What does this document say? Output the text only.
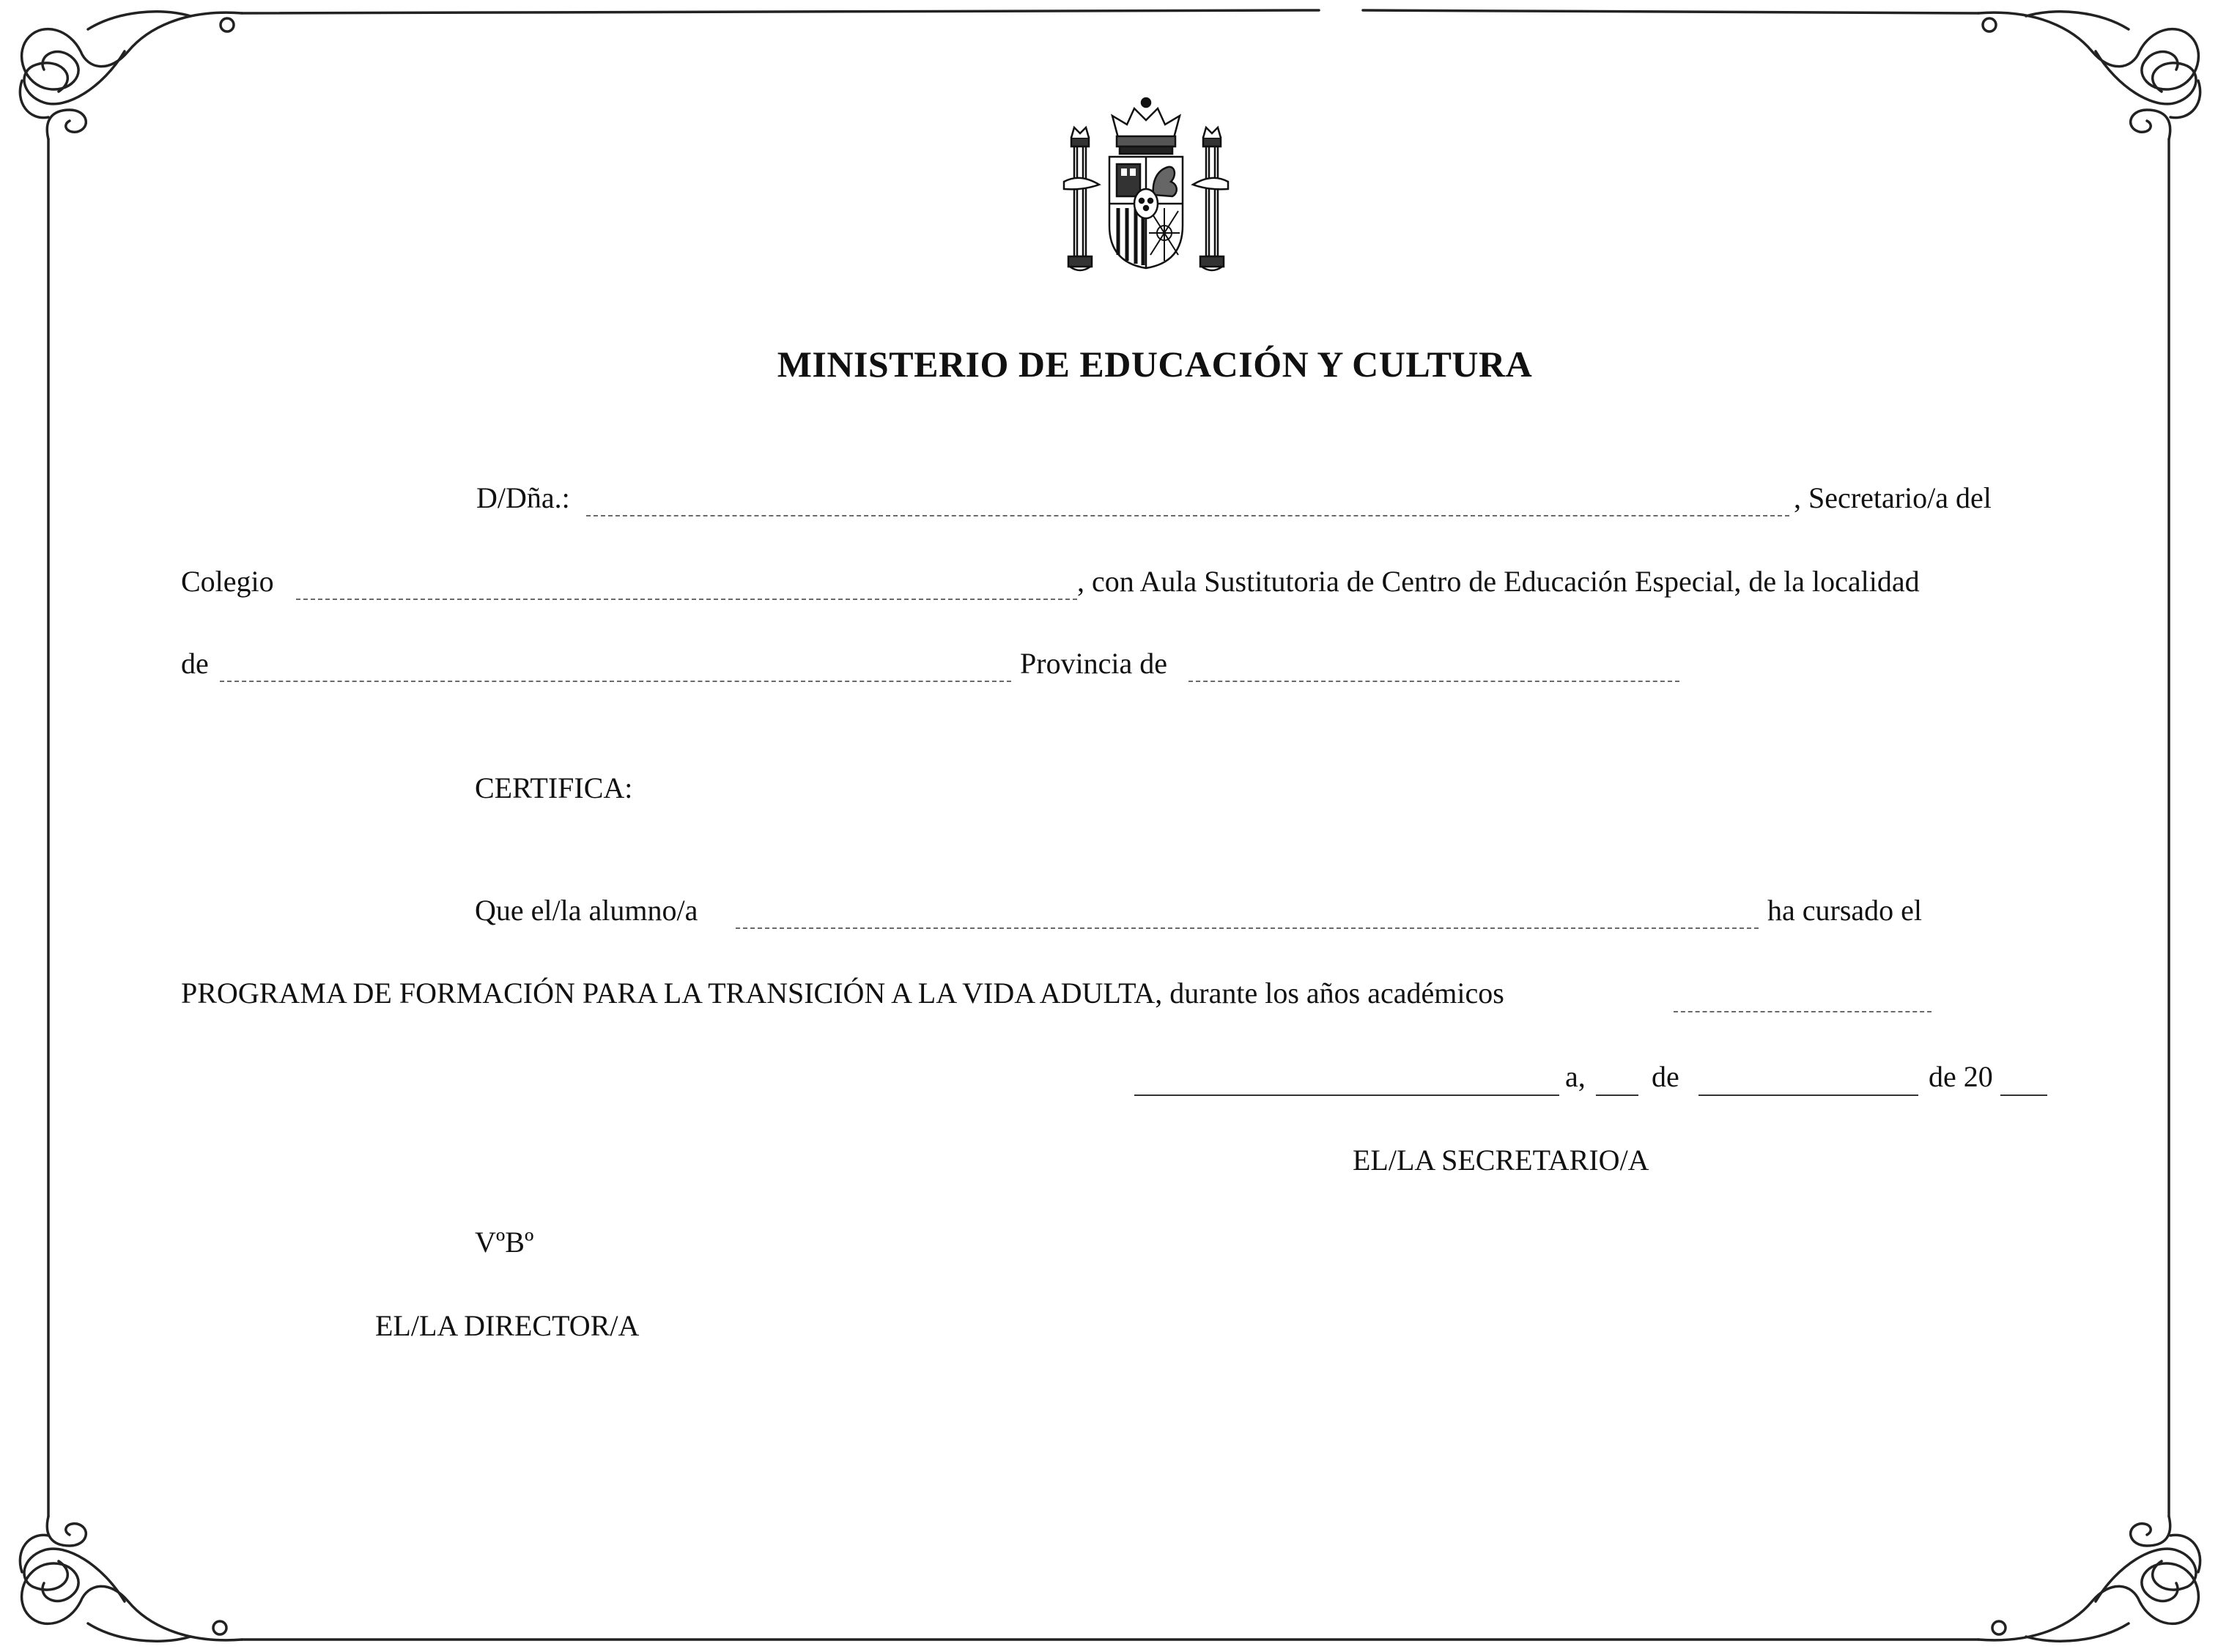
MINISTERIO DE EDUCACIÓN Y CULTURA
D/Dña.:	, Secretario/a del
Colegio	, con Aula Sustitutoria de Centro de Educación Especial, de la localidad
de	Provincia de
CERTIFICA:
Que el/la alumno/a	ha cursado el
PROGRAMA DE FORMACIÓN PARA LA TRANSICIÓN A LA VIDA ADULTA, durante los años académicos
a, de	de 20
EL/LA SECRETARIO/A
VºBº
EL/LA DIRECTOR/A
